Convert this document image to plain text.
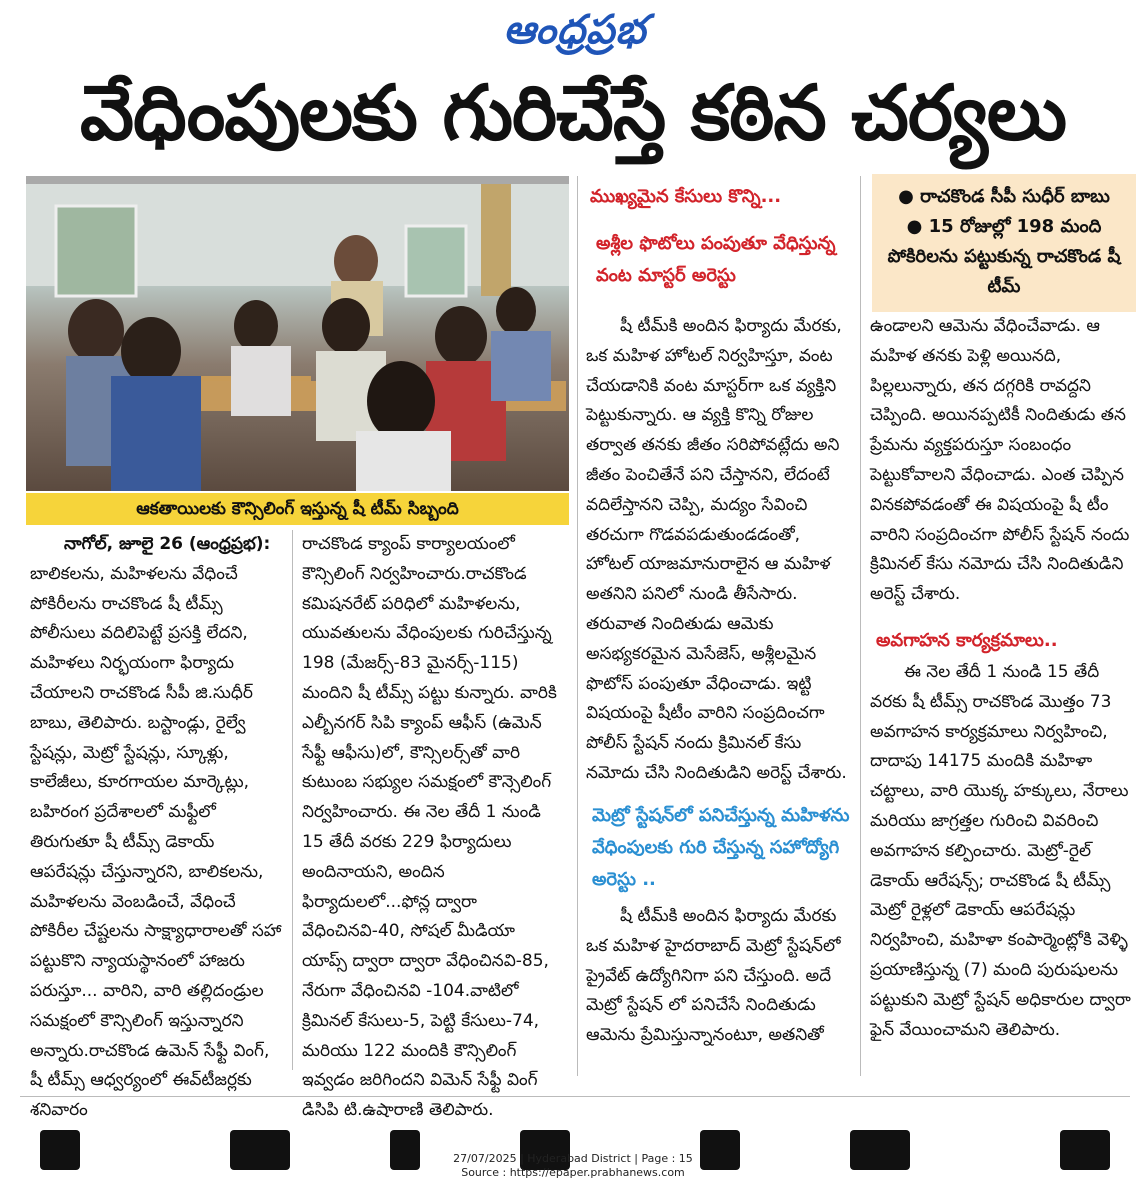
ఆంధ్రప్రభ
వేధింపులకు గురిచేస్తే కఠిన చర్యలు
ఆకతాయిలకు కౌన్సిలింగ్ ఇస్తున్న షీ టీమ్ సిబ్బంది

నాగోల్, జూలై 26 (ఆంధ్రప్రభ):

బాలికలను, మహిళలను వేధించే పోకిరీలను రాచకొండ షీ టీమ్స్ పోలీసులు వదిలిపెట్టే ప్రసక్తి లేదని, మహిళలు నిర్భయంగా ఫిర్యాదు చేయాలని రాచకొండ సీపీ జి.సుధీర్ బాబు, తెలిపారు. బస్టాండ్లు, రైల్వే స్టేషన్లు, మెట్రో స్టేషన్లు, స్కూళ్లు, కాలేజీలు, కూరగాయల మార్కెట్లు, బహిరంగ ప్రదేశాలలో మఫ్టీలో తిరుగుతూ షీ టీమ్స్ డెకాయ్ ఆపరేషన్లు చేస్తున్నారని, బాలికలను, మహిళలను వెంబడించే, వేధించే పోకిరీల చేష్టలను సాక్ష్యాధారాలతో సహా పట్టుకొని న్యాయస్థానంలో హాజరు పరుస్తూ... వారిని, వారి తల్లిదండ్రుల సమక్షంలో కౌన్సిలింగ్ ఇస్తున్నారని అన్నారు.రాచకొండ ఉమెన్ సేఫ్టీ వింగ్, షీ టీమ్స్ ఆధ్వర్యంలో ఈవ్‌టీజర్లకు శనివారం

రాచకొండ క్యాంప్ కార్యాలయంలో కౌన్సిలింగ్ నిర్వహించారు.రాచకొండ కమిషనరేట్ పరిధిలో మహిళలను, యువతులను వేధింపులకు గురిచేస్తున్న 198 (మేజర్స్-83 మైనర్స్-115) మందిని షీ టీమ్స్ పట్టు కున్నారు. వారికి ఎల్బీనగర్ సిపి క్యాంప్ ఆఫీస్ (ఉమెన్ సేఫ్టీ ఆఫీసు)లో, కౌన్సిలర్స్‌తో వారి కుటుంబ సభ్యుల సమక్షంలో కౌన్సెలింగ్ నిర్వహించారు. ఈ నెల తేదీ 1 నుండి 15 తేదీ వరకు 229 ఫిర్యాదులు అందినాయని, అందిన ఫిర్యాదులలో...ఫోన్ల ద్వారా వేధించినవి-40, సోషల్ మీడియా యాప్స్ ద్వారా ద్వారా వేధించినవి-85, నేరుగా వేధించినవి -104.వాటిలో క్రిమినల్ కేసులు-5, పెట్టి కేసులు-74, మరియు 122 మందికి కౌన్సిలింగ్ ఇవ్వడం జరిగిందని విమెన్ సేఫ్టీ వింగ్ డిసిపి టి.ఉషారాణి తెలిపారు.

ముఖ్యమైన కేసులు కొన్ని...
అశ్లీల ఫొటోలు పంపుతూ వేధిస్తున్న వంట మాస్టర్ అరెస్టు

షీ టీమ్‌కి అందిన ఫిర్యాదు మేరకు, ఒక మహిళ హోటల్ నిర్వహిస్తూ, వంట చేయడానికి వంట మాస్టర్‌గా ఒక వ్యక్తిని పెట్టుకున్నారు. ఆ వ్యక్తి కొన్ని రోజుల తర్వాత తనకు జీతం సరిపోవట్లేదు అని జీతం పెంచితేనే పని చేస్తానని, లేదంటే వదిలేస్తానని చెప్పి, మద్యం సేవించి తరచుగా గొడవపడుతుండడంతో, హోటల్ యాజమానురాలైన ఆ మహిళ అతనిని పనిలో నుండి తీసేసారు. తరువాత నిందితుడు ఆమెకు అసభ్యకరమైన మెసేజెస్, అశ్లీలమైన ఫొటోస్ పంపుతూ వేధించాడు. ఇట్టి విషయంపై షీటీం వారిని సంప్రదించగా పోలీస్ స్టేషన్ నందు క్రిమినల్ కేసు నమోదు చేసి నిందితుడిని అరెస్ట్ చేశారు.

మెట్రో స్టేషన్‌లో పనిచేస్తున్న మహిళను వేధింపులకు గురి చేస్తున్న సహోద్యోగి అరెస్టు ..

షీ టీమ్‌కి అందిన ఫిర్యాదు మేరకు ఒక మహిళ హైదరాబాద్ మెట్రో స్టేషన్‌లో ప్రైవేట్ ఉద్యోగినిగా పని చేస్తుంది. అదే మెట్రో స్టేషన్ లో పనిచేసే నిందితుడు ఆమెను ప్రేమిస్తున్నానంటూ, అతనితో

● రాచకొండ సీపీ సుధీర్ బాబు
● 15 రోజుల్లో 198 మంది పోకిరిలను పట్టుకున్న రాచకొండ షీ టీమ్

ఉండాలని ఆమెను వేధించేవాడు. ఆ మహిళ తనకు పెళ్లి అయినది, పిల్లలున్నారు, తన దగ్గరికి రావద్దని చెప్పింది. అయినప్పటికీ నిందితుడు తన ప్రేమను వ్యక్తపరుస్తూ సంబంధం పెట్టుకోవాలని వేధించాడు. ఎంత చెప్పిన వినకపోవడంతో ఈ విషయంపై షీ టీం వారిని సంప్రదించగా పోలీస్ స్టేషన్ నందు క్రిమినల్ కేసు నమోదు చేసి నిందితుడిని అరెస్ట్ చేశారు.

అవగాహన కార్యక్రమాలు..

ఈ నెల తేదీ 1 నుండి 15 తేదీ వరకు షీ టీమ్స్ రాచకొండ మొత్తం 73 అవగాహన కార్యక్రమాలు నిర్వహించి, దాదాపు 14175 మందికి మహిళా చట్టాలు, వారి యొక్క హక్కులు, నేరాలు మరియు జాగ్రత్తల గురించి వివరించి అవగాహన కల్పించారు. మెట్రో-రైల్ డెకాయ్ ఆరేషన్స్; రాచకొండ షీ టీమ్స్ మెట్రో రైళ్లలో డెకాయ్ ఆపరేషన్లు నిర్వహించి, మహిళా కంపార్మెంట్లోకి వెళ్ళి ప్రయాణిస్తున్న (7) మంది పురుషులను పట్టుకుని మెట్రో స్టేషన్ అధికారుల ద్వారా ఫైన్ వేయించామని తెలిపారు.

27/07/2025 | Hyderabad District | Page : 15
Source : https://epaper.prabhanews.com
